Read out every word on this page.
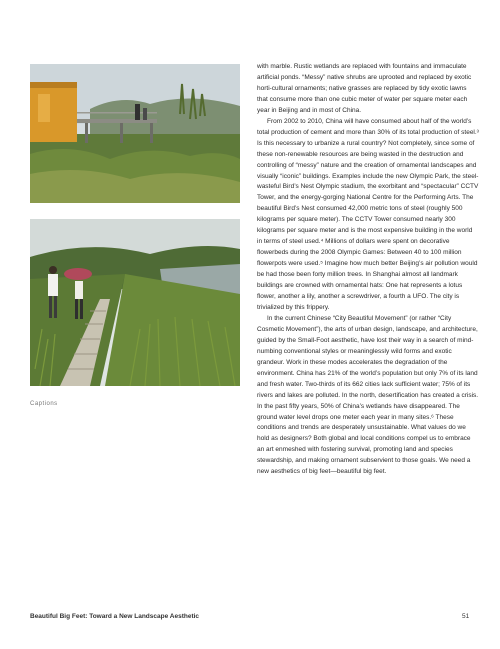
Captions

with marble. Rustic wetlands are replaced with fountains and immaculate artificial ponds. “Messy” native shrubs are uprooted and replaced by exotic horti-cultural ornaments; native grasses are replaced by tidy exotic lawns that consume more than one cubic meter of water per square meter each year in Beijing and in most of China.

From 2002 to 2010, China will have consumed about half of the world’s total production of cement and more than 30% of its total production of steel.³ Is this necessary to urbanize a rural country? Not completely, since some of these non-renewable resources are being wasted in the destruction and controlling of “messy” nature and the creation of ornamental landscapes and visually “iconic” buildings. Examples include the new Olympic Park, the steel-wasteful Bird’s Nest Olympic stadium, the exorbitant and “spectacular” CCTV Tower, and the energy-gorging National Centre for the Performing Arts. The beautiful Bird’s Nest consumed 42,000 metric tons of steel (roughly 500 kilograms per square meter). The CCTV Tower consumed nearly 300 kilograms per square meter and is the most expensive building in the world in terms of steel used.⁴ Millions of dollars were spent on decorative flowerbeds during the 2008 Olympic Games: Between 40 to 100 million flowerpots were used.⁵ Imagine how much better Beijing’s air pollution would be had those been forty million trees. In Shanghai almost all landmark buildings are crowned with ornamental hats: One hat represents a lotus flower, another a lily, another a screwdriver, a fourth a UFO. The city is trivialized by this frippery.

In the current Chinese “City Beautiful Movement” (or rather “City Cosmetic Movement”), the arts of urban design, landscape, and architecture, guided by the Small-Foot aesthetic, have lost their way in a search of mind-numbing conventional styles or meaninglessly wild forms and exotic grandeur. Work in these modes accelerates the degradation of the environment. China has 21% of the world’s population but only 7% of its land and fresh water. Two-thirds of its 662 cities lack sufficient water; 75% of its rivers and lakes are polluted. In the north, desertification has created a crisis. In the past fifty years, 50% of China’s wetlands have disappeared. The ground water level drops one meter each year in many sites.⁶ These conditions and trends are desperately unsustainable. What values do we hold as designers? Both global and local conditions compel us to embrace an art enmeshed with fostering survival, promoting land and species stewardship, and making ornament subservient to those goals. We need a new aesthetics of big feet—beautiful big feet.

Beautiful Big Feet: Toward a New Landscape Aesthetic	51
